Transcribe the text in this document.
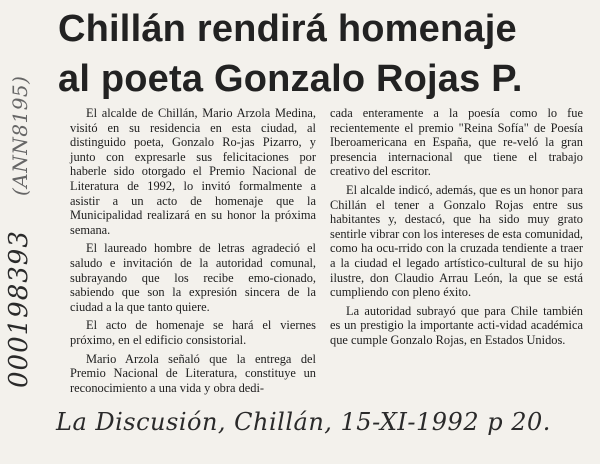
Chillán rendirá homenaje
al poeta Gonzalo Rojas P.

El alcalde de Chillán, Mario Arzola Medina, visitó en su residencia en esta ciudad, al distinguido poeta, Gonzalo Ro-jas Pizarro, y junto con expresarle sus felicitaciones por haberle sido otorgado el Premio Nacional de Literatura de 1992, lo invitó formalmente a asistir a un acto de homenaje que la Municipalidad realizará en su honor la próxima semana.

El laureado hombre de letras agradeció el saludo e invitación de la autoridad comunal, subrayando que los recibe emo-cionado, sabiendo que son la expresión sincera de la ciudad a la que tanto quiere.

El acto de homenaje se hará el viernes próximo, en el edificio consistorial.

Mario Arzola señaló que la entrega del Premio Nacional de Literatura, constituye un reconocimiento a una vida y obra dedi-

cada enteramente a la poesía como lo fue recientemente el premio "Reina Sofía" de Poesía Iberoamericana en España, que re-veló la gran presencia internacional que tiene el trabajo creativo del escritor.

El alcalde indicó, además, que es un honor para Chillán el tener a Gonzalo Rojas entre sus habitantes y, destacó, que ha sido muy grato sentirle vibrar con los intereses de esta comunidad, como ha ocu-rrido con la cruzada tendiente a traer a la ciudad el legado artístico-cultural de su hijo ilustre, don Claudio Arrau León, la que se está cumpliendo con pleno éxito.

La autoridad subrayó que para Chile también es un prestigio la importante acti-vidad académica que cumple Gonzalo Rojas, en Estados Unidos.

(ANN8195)
000198393
La Discusión, Chillán, 15-XI-1992 p 20.
